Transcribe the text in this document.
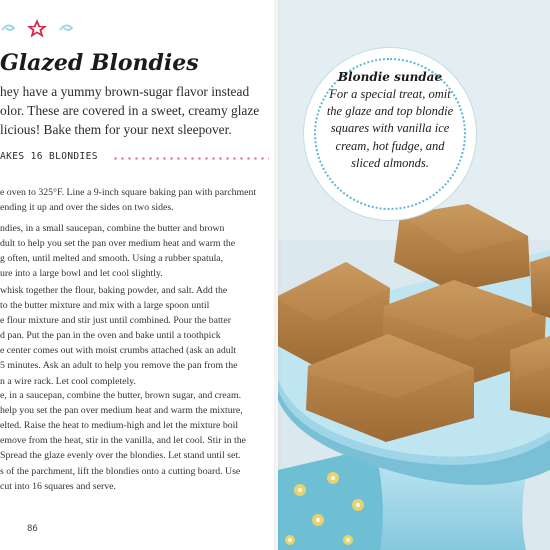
Glazed Blondies
hey have a yummy brown-sugar flavor instead
olor. These are covered in a sweet, creamy glaze
licious! Bake them for your next sleepover.
AKES 16 BLONDIES
e oven to 325°F. Line a 9-inch square baking pan with parchment
ending it up and over the sides on two sides.
ndies, in a small saucepan, combine the butter and brown
dult to help you set the pan over medium heat and warm the
g often, until melted and smooth. Using a rubber spatula,
ure into a large bowl and let cool slightly.
whisk together the flour, baking powder, and salt. Add the
to the butter mixture and mix with a large spoon until
e flour mixture and stir just until combined. Pour the batter
d pan. Put the pan in the oven and bake until a toothpick
e center comes out with moist crumbs attached (ask an adult
5 minutes. Ask an adult to help you remove the pan from the
n a wire rack. Let cool completely.
e, in a saucepan, combine the butter, brown sugar, and cream.
help you set the pan over medium heat and warm the mixture,
elted. Raise the heat to medium-high and let the mixture boil
emove from the heat, stir in the vanilla, and let cool. Stir in the
Spread the glaze evenly over the blondies. Let stand until set.
s of the parchment, lift the blondies onto a cutting board. Use
cut into 16 squares and serve.
86
Blondie sundae
For a special treat, omit
the glaze and top blondie
squares with vanilla ice
cream, hot fudge, and
sliced almonds.
